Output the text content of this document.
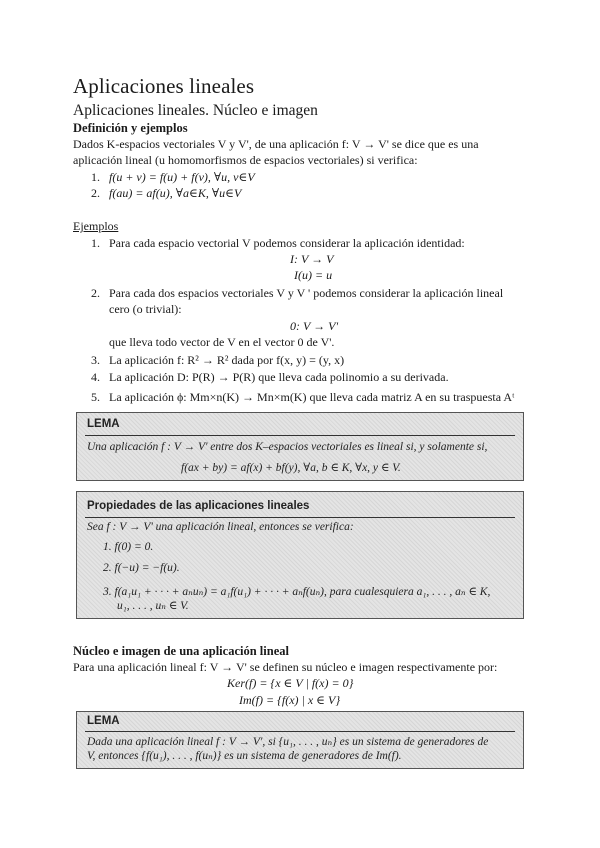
Aplicaciones lineales
Aplicaciones lineales. Núcleo e imagen
Definición y ejemplos
Dados K-espacios vectoriales V y V', de una aplicación f: V → V' se dice que es una
aplicación lineal (u homomorfismos de espacios vectoriales) si verifica:
1. f(u + v) = f(u) + f(v), ∀u, v∈V
2. f(au) = af(u), ∀a∈K, ∀u∈V
Ejemplos
1. Para cada espacio vectorial V podemos considerar la aplicación identidad:
I: V → V
I(u) = u
2. Para cada dos espacios vectoriales V y V ' podemos considerar la aplicación lineal
cero (o trivial):
0: V → V'
que lleva todo vector de V en el vector 0 de V'.
3. La aplicación f: R² → R² dada por f(x, y) = (y, x)
4. La aplicación D: P(R) → P(R) que lleva cada polinomio a su derivada.
5. La aplicación ϕ: Mm×n(K) → Mn×m(K) que lleva cada matriz A en su traspuesta Aᵗ
LEMA
Una aplicación f : V → V' entre dos K–espacios vectoriales es lineal si, y solamente si,
f(ax + by) = af(x) + bf(y), ∀a, b ∈ K, ∀x, y ∈ V.
Propiedades de las aplicaciones lineales
Sea f : V → V' una aplicación lineal, entonces se verifica:
1. f(0) = 0.
2. f(−u) = −f(u).
3. f(a₁u₁ + · · · + aₙuₙ) = a₁f(u₁) + · · · + aₙf(uₙ), para cualesquiera a₁, . . . , aₙ ∈ K,
u₁, . . . , uₙ ∈ V.
Núcleo e imagen de una aplicación lineal
Para una aplicación lineal f: V → V' se definen su núcleo e imagen respectivamente por:
Ker(f) = {x ∈ V | f(x) = 0}
Im(f) = {f(x) | x ∈ V}
LEMA
Dada una aplicación lineal f : V → V', si {u₁, . . . , uₙ} es un sistema de generadores de
V, entonces {f(u₁), . . . , f(uₙ)} es un sistema de generadores de Im(f).
